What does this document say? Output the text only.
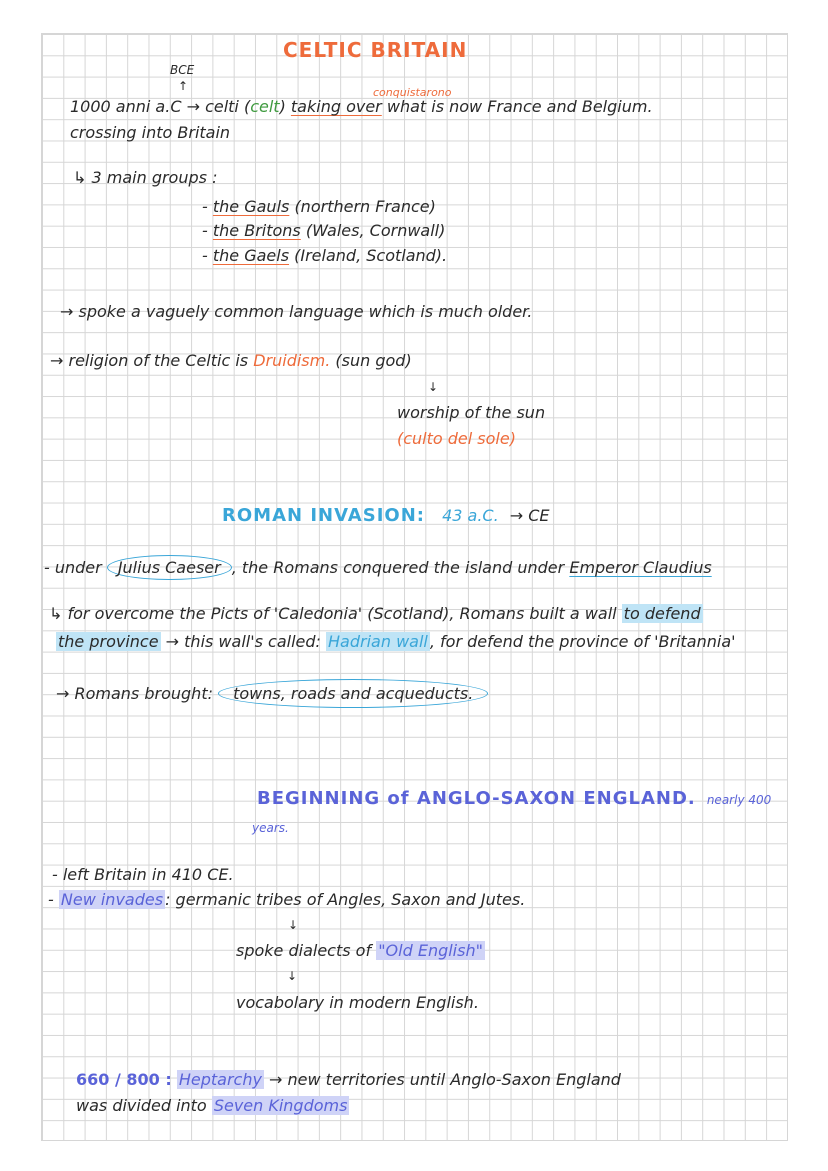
CELTIC BRITAIN
BCE
↑	conquistarono
1000 anni a.C → celti (celt) taking over what is now France and Belgium.
crossing into Britain
↳ 3 main groups :
- the Gauls (northern France)
- the Britons (Wales, Cornwall)
- the Gaels (Ireland, Scotland).
→ spoke a vaguely common language which is much older.
→ religion of the Celtic is Druidism. (sun god)
↓
worship of the sun
(culto del sole)
ROMAN INVASION: 43 a.C. → CE
- under Julius Caeser , the Romans conquered the island under Emperor Claudius
↳ for overcome the Picts of 'Caledonia' (Scotland), Romans built a wall to defend
the province → this wall's called: Hadrian wall , for defend the province of 'Britannia'
→ Romans brought: towns, roads and acqueducts.
BEGINNING of ANGLO-SAXON ENGLAND. nearly 400
years.
- left Britain in 410 CE.
- New invades : germanic tribes of Angles, Saxon and Jutes.
↓
spoke dialects of "Old English"
↓
vocabolary in modern English.
660 / 800 : Heptarchy → new territories until Anglo-Saxon England
was divided into Seven Kingdoms
